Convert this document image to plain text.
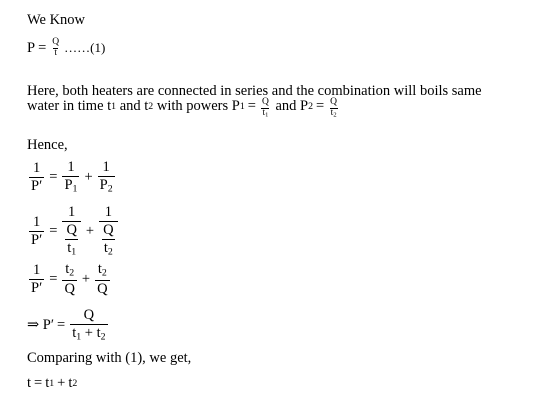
We Know
$P = \frac{Q}{t}$ ……(1)
Here, both heaters are connected in series and the combination will boils same
water in time t 1 and t 2 with powers P $1 = \frac{Q}{t_1}$ and P $2 = \frac{Q}{t_2}$
Hence,
$\frac{1}{P'} = \frac{1}{P_1} + \frac{1}{P_2}$
$\frac{1}{P'} = \frac{1}{\frac{Q}{t_1}} + \frac{1}{\frac{Q}{t_2}}$
$\frac{1}{P'} = \frac{t_2}{Q} + \frac{t_2}{Q}$
⇒ $P' = \frac{Q}{t_1 + t_2}$
Comparing with (1), we get,
t = t 1 + t 2
